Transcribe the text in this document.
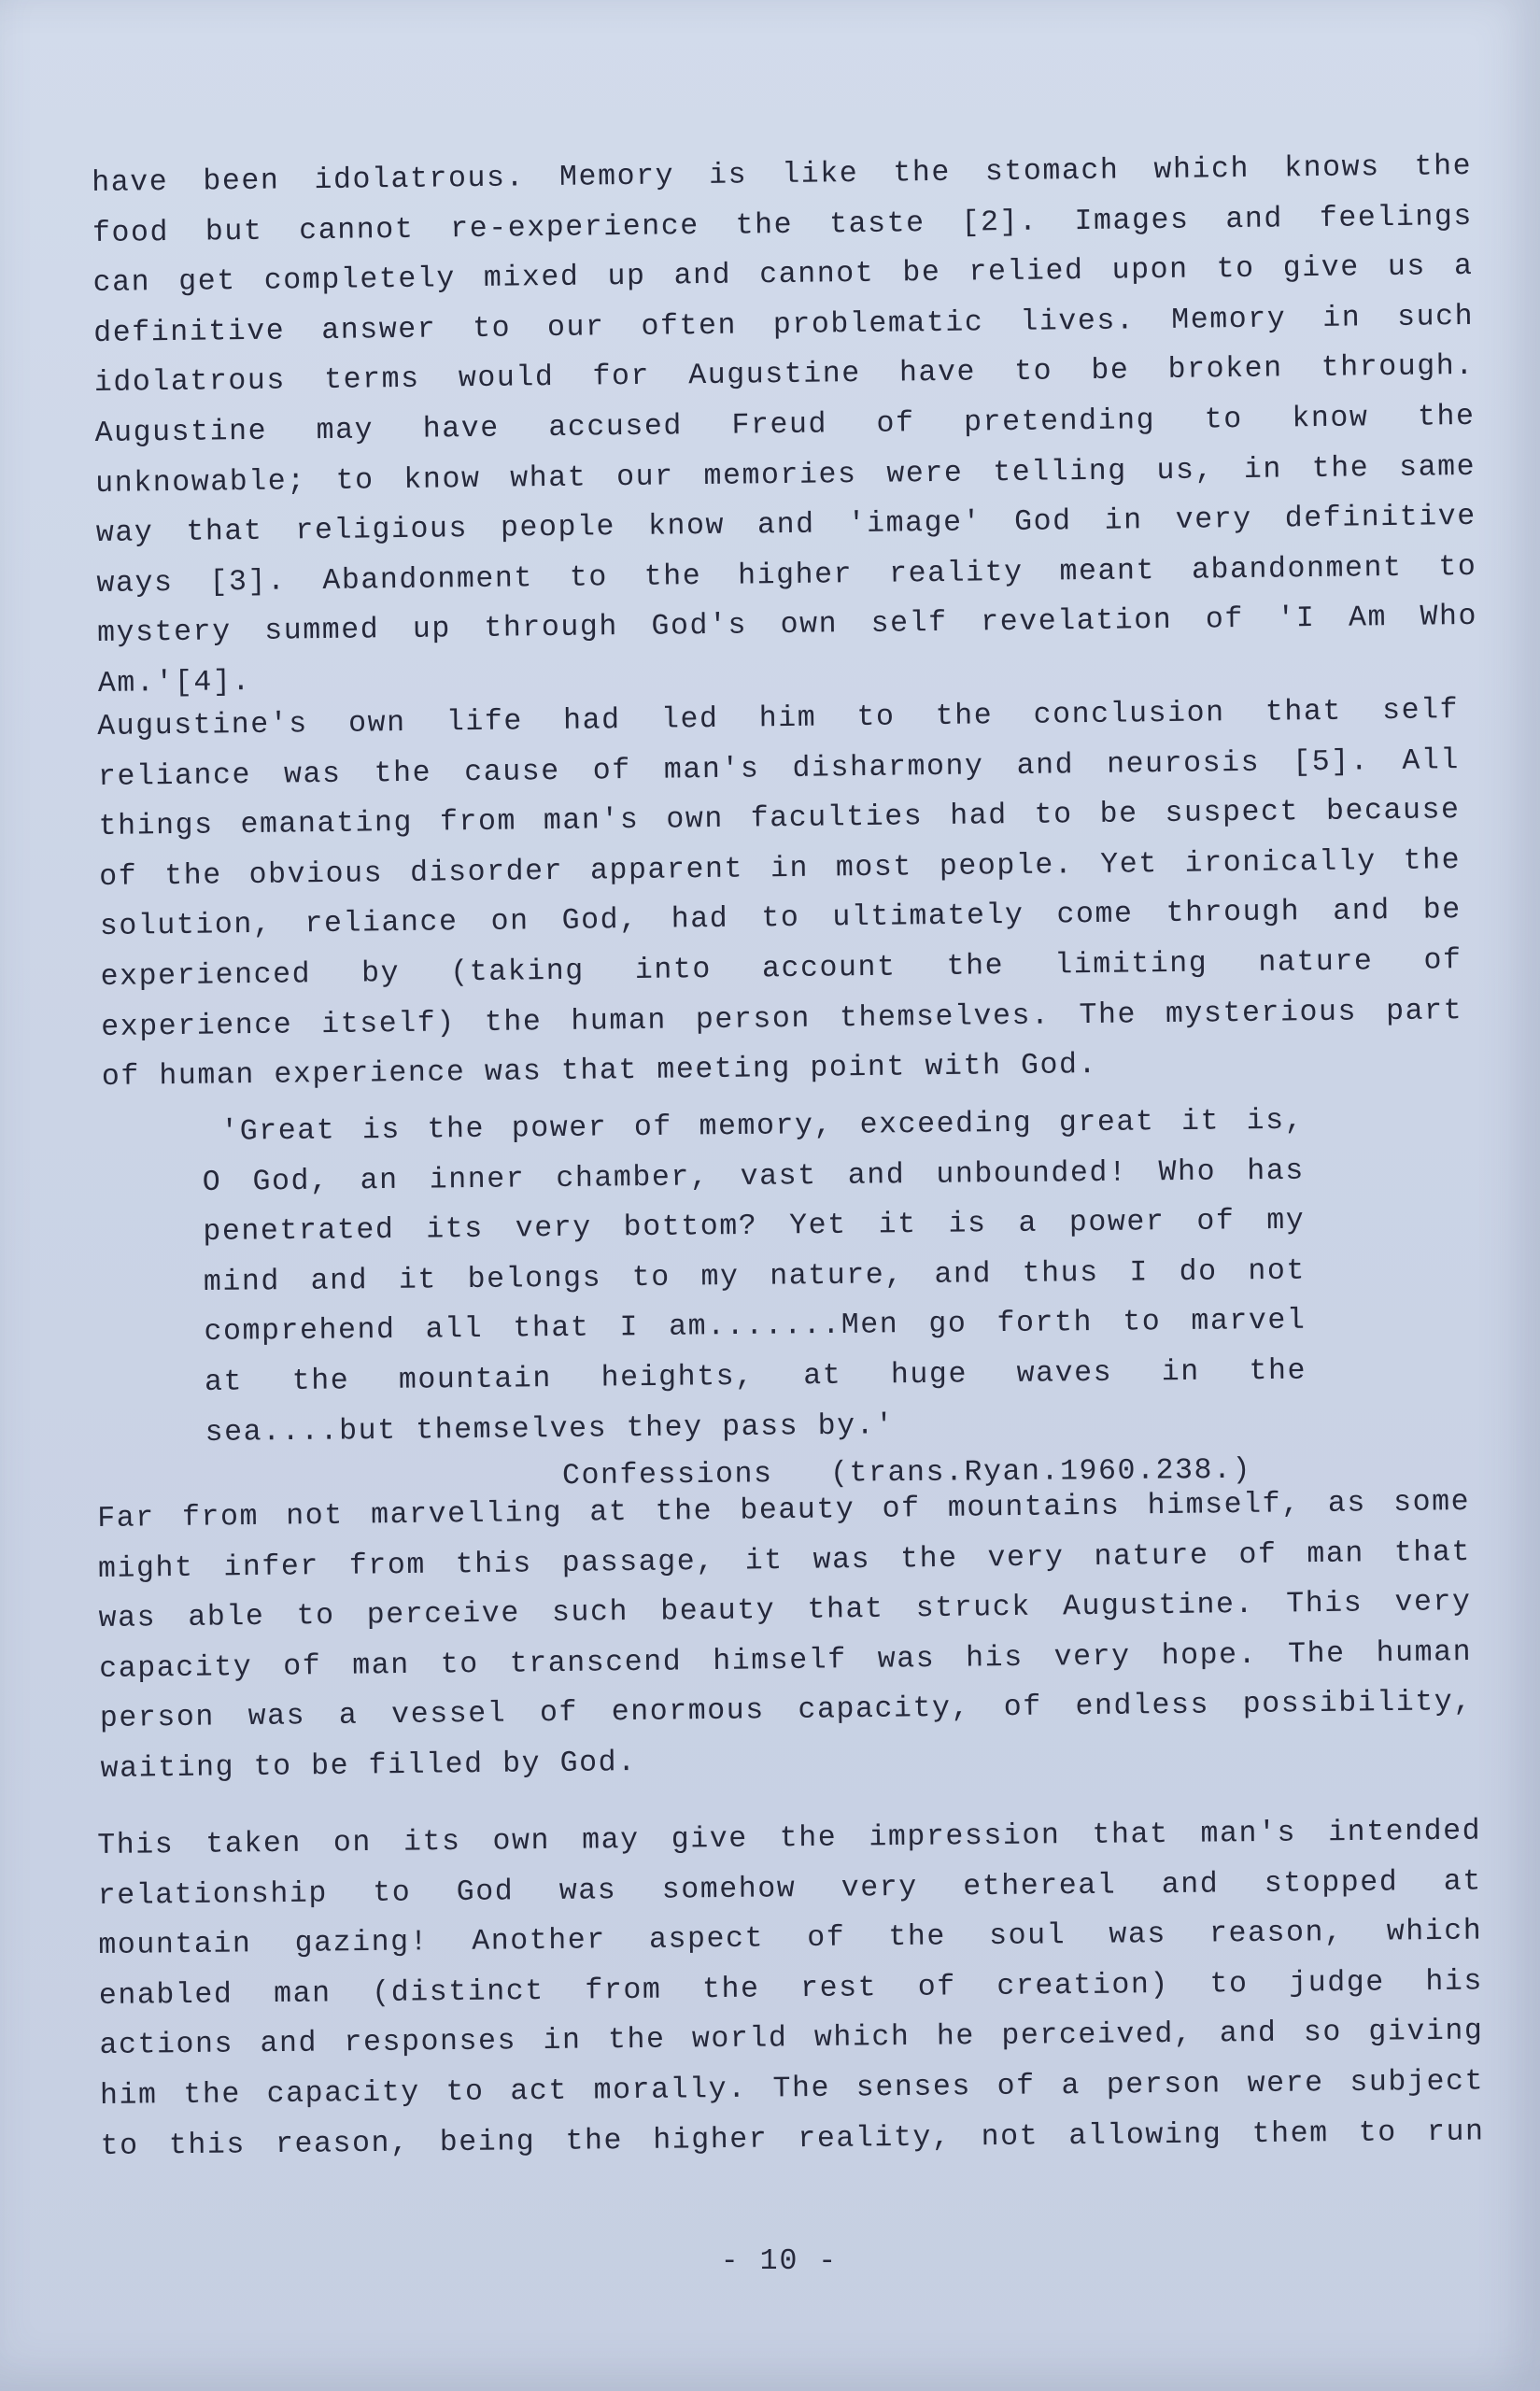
have been idolatrous. Memory is like the stomach which knows the
food but cannot re-experience the taste [2]. Images and feelings
can get completely mixed up and cannot be relied upon to give us a
definitive answer to our often problematic lives. Memory in such
idolatrous terms would for Augustine have to be broken through.
Augustine may have accused Freud of pretending to know the
unknowable; to know what our memories were telling us, in the same
way that religious people know and 'image' God in very definitive
ways [3]. Abandonment to the higher reality meant abandonment to
mystery summed up through God's own self revelation of 'I Am Who
Am.'[4].
Augustine's own life had led him to the conclusion that self
reliance was the cause of man's disharmony and neurosis [5]. All
things emanating from man's own faculties had to be suspect because
of the obvious disorder apparent in most people. Yet ironically the
solution, reliance on God, had to ultimately come through and be
experienced by (taking into account the limiting nature of
experience itself) the human person themselves. The mysterious part
of human experience was that meeting point with God.
'Great is the power of memory, exceeding great it is,
O God, an inner chamber, vast and unbounded! Who has
penetrated its very bottom? Yet it is a power of my
mind and it belongs to my nature, and thus I do not
comprehend all that I am.......Men go forth to marvel
at the mountain heights, at huge waves in the
sea....but themselves they pass by.'
Confessions   (trans.Ryan.1960.238.)
Far from not marvelling at the beauty of mountains himself, as some
might infer from this passage, it was the very nature of man that
was able to perceive such beauty that struck Augustine. This very
capacity of man to transcend himself was his very hope. The human
person was a vessel of enormous capacity, of endless possibility,
waiting to be filled by God.
This taken on its own may give the impression that man's intended
relationship to God was somehow very ethereal and stopped at
mountain gazing! Another aspect of the soul was reason, which
enabled man (distinct from the rest of creation) to judge his
actions and responses in the world which he perceived, and so giving
him the capacity to act morally. The senses of a person were subject
to this reason, being the higher reality, not allowing them to run
- 10 -
